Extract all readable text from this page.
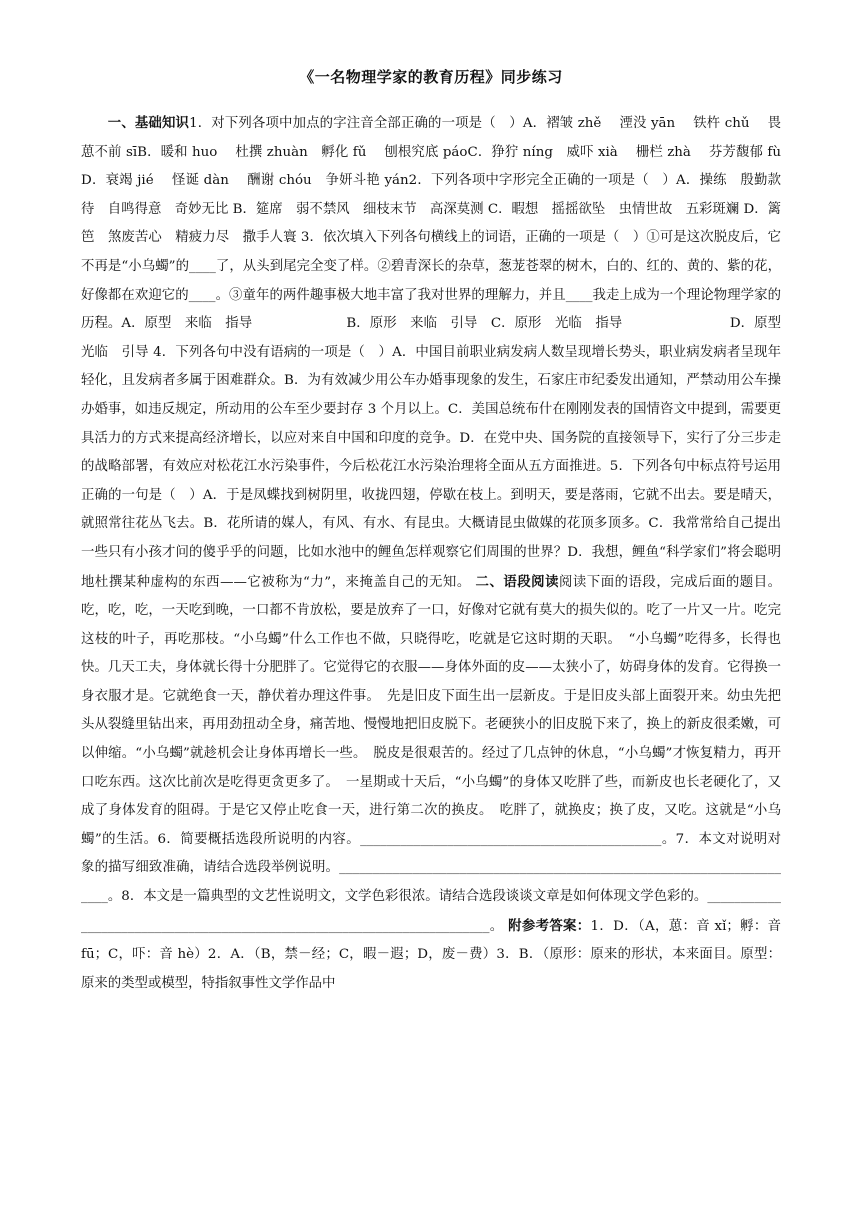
《一名物理学家的教育历程》同步练习

一、基础知识1．对下列各项中加点的字注音全部正确的一项是（　）A．褶皱 zhě　 湮没 yān　 铁杵 chǔ　 畏葸不前 sīB．暖和 huo　 杜撰 zhuàn　孵化 fǔ　 刨根究底 páoC．狰狞 níng　威吓 xià　 栅栏 zhà　 芬芳馥郁 fùD．衰竭 jié　 怪诞 dàn　 酬谢 chóu　争妍斗艳 yán2．下列各项中字形完全正确的一项是（　）A．操练　殷勤款待　自鸣得意　奇妙无比 B．筵席　弱不禁风　细枝末节　高深莫测 C．暇想　摇摇欲坠　虫情世故　五彩斑斓 D．篱笆　煞废苦心　精疲力尽　撒手人寰 3．依次填入下列各句横线上的词语，正确的一项是（　）①可是这次脱皮后，它不再是“小乌蠋”的____了，从头到尾完全变了样。②碧青深长的杂草，葱茏苍翠的树木，白的、红的、黄的、紫的花，好像都在欢迎它的____。③童年的两件趣事极大地丰富了我对世界的理解力，并且____我走上成为一个理论物理学家的历程。A．原型　来临　指导　　　　　　　B．原形　来临　引导　C．原形　光临　指导　　　　　　　　D．原型　光临　引导 4．下列各句中没有语病的一项是（　）A．中国目前职业病发病人数呈现增长势头，职业病发病者呈现年轻化，且发病者多属于困难群众。B．为有效减少用公车办婚事现象的发生，石家庄市纪委发出通知，严禁动用公车操办婚事，如违反规定，所动用的公车至少要封存 3 个月以上。C．美国总统布什在刚刚发表的国情咨文中提到，需要更具活力的方式来提高经济增长，以应对来自中国和印度的竞争。D．在党中央、国务院的直接领导下，实行了分三步走的战略部署，有效应对松花江水污染事件，今后松花江水污染治理将全面从五方面推进。5．下列各句中标点符号运用正确的一句是（　）A．于是凤蝶找到树阴里，收拢四翅，停歇在枝上。到明天，要是落雨，它就不出去。要是晴天，就照常往花丛飞去。B．花所请的媒人，有风、有水、有昆虫。大概请昆虫做媒的花顶多顶多。C．我常常给自己提出一些只有小孩才问的傻乎乎的问题，比如水池中的鲤鱼怎样观察它们周围的世界？D．我想，鲤鱼“科学家们”将会聪明地杜撰某种虚构的东西——它被称为“力”，来掩盖自己的无知。 二、语段阅读阅读下面的语段，完成后面的题目。吃，吃，吃，一天吃到晚，一口都不肯放松，要是放弃了一口，好像对它就有莫大的损失似的。吃了一片又一片。吃完这枝的叶子，再吃那枝。“小乌蠋”什么工作也不做，只晓得吃，吃就是它这时期的天职。　“小乌蠋”吃得多，长得也快。几天工夫，身体就长得十分肥胖了。它觉得它的衣服——身体外面的皮——太狭小了，妨碍身体的发育。它得换一身衣服才是。它就绝食一天，静伏着办理这件事。　先是旧皮下面生出一层新皮。于是旧皮头部上面裂开来。幼虫先把头从裂缝里钻出来，再用劲扭动全身，痛苦地、慢慢地把旧皮脱下。老硬狭小的旧皮脱下来了，换上的新皮很柔嫩，可以伸缩。“小乌蠋”就趁机会让身体再增长一些。　脱皮是很艰苦的。经过了几点钟的休息，“小乌蠋”才恢复精力，再开口吃东西。这次比前次是吃得更贪更多了。　一星期或十天后，“小乌蠋”的身体又吃胖了些，而新皮也长老硬化了，又成了身体发育的阻碍。于是它又停止吃食一天，进行第二次的换皮。　吃胖了，就换皮；换了皮，又吃。这就是“小乌蠋”的生活。6．简要概括选段所说明的内容。_____________________________________________。7．本文对说明对象的描写细致准确，请结合选段举例说明。______________________________________________________________________。8．本文是一篇典型的文艺性说明文，文学色彩很浓。请结合选段谈谈文章是如何体现文学色彩的。________________________________________________________________________。 附参考答案：1．D．（A，葸：音 xǐ；孵：音 fū；C，吓：音 hè）2．A．（B，禁－经；C，暇－遐；D，废－费）3．B．（原形：原来的形状，本来面目。原型：原来的类型或模型，特指叙事性文学作品中
